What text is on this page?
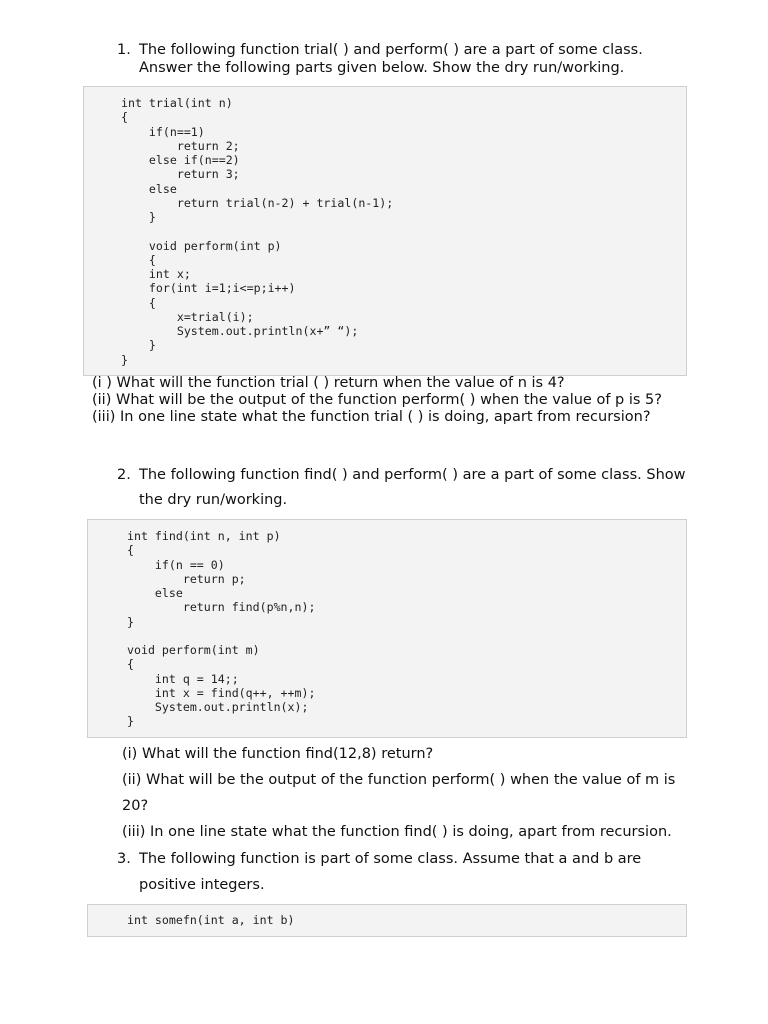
1. The following function trial( ) and perform( ) are a part of some class.
Answer the following parts given below. Show the dry run/working.
int trial(int n)
{
if(n==1)
return 2;
else if(n==2)
return 3;
else
return trial(n-2) + trial(n-1);
}

void perform(int p)
{
int x;
for(int i=1;i<=p;i++)
{
x=trial(i);
System.out.println(x+” “);
}
}
(i ) What will the function trial ( ) return when the value of n is 4?
(ii) What will be the output of the function perform( ) when the value of p is 5?
(iii) In one line state what the function trial ( ) is doing, apart from recursion?
2. The following function find( ) and perform( ) are a part of some class. Show
the dry run/working.
int find(int n, int p)
{
if(n == 0)
return p;
else
return find(p%n,n);
}

void perform(int m)
{
int q = 14;;
int x = find(q++, ++m);
System.out.println(x);
}
(i) What will the function find(12,8) return?
(ii) What will be the output of the function perform( ) when the value of m is
20?
(iii) In one line state what the function find( ) is doing, apart from recursion.
3. The following function is part of some class. Assume that a and b are
positive integers.
int somefn(int a, int b)
